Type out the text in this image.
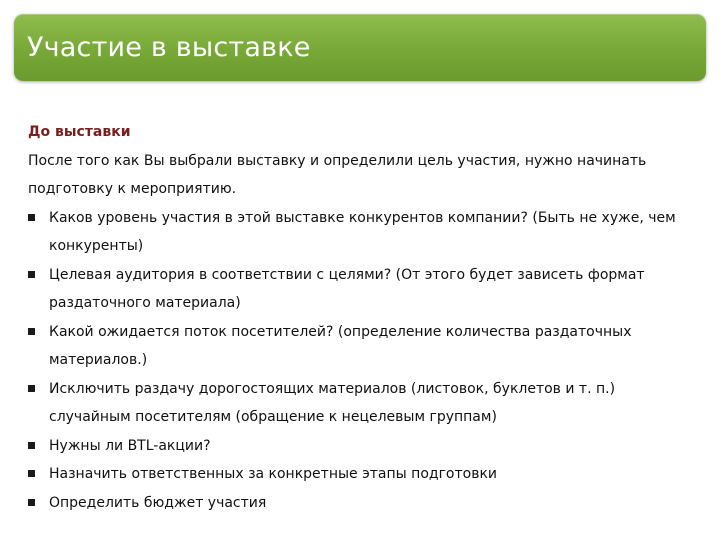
Участие в выставке
До выставки
После того как Вы выбрали выставку и определили цель участия, нужно начинать подготовку к мероприятию.
Каков уровень участия в этой выставке конкурентов компании? (Быть не хуже, чем конкуренты)
Целевая аудитория в соответствии с целями? (От этого будет зависеть формат раздаточного материала)
Какой ожидается поток посетителей? (определение количества раздаточных материалов.)
Исключить раздачу дорогостоящих материалов (листовок, буклетов и т. п.) случайным посетителям (обращение к нецелевым группам)
Нужны ли BTL-акции?
Назначить ответственных за конкретные этапы подготовки
Определить бюджет участия
